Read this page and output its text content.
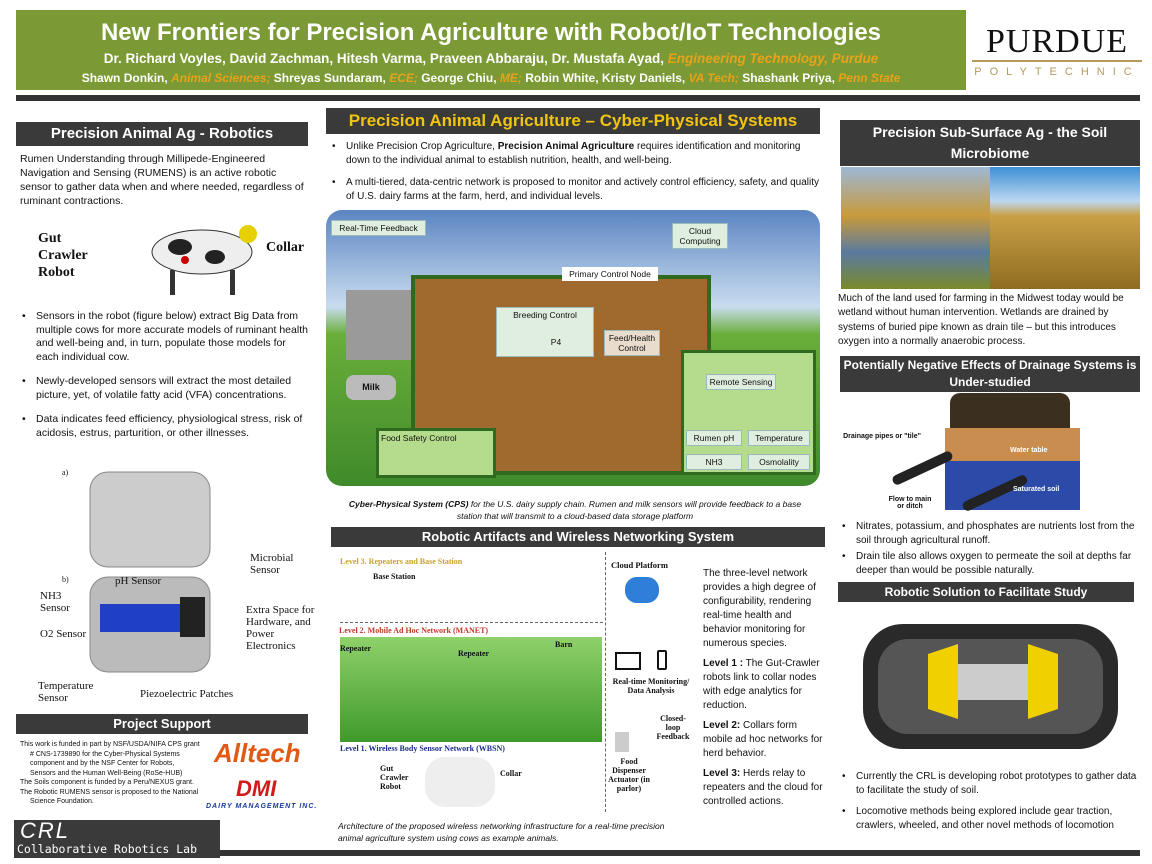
New Frontiers for Precision Agriculture with Robot/IoT Technologies
Dr. Richard Voyles, David Zachman, Hitesh Varma, Praveen Abbaraju, Dr. Mustafa Ayad, Engineering Technology, Purdue
Shawn Donkin, Animal Sciences; Shreyas Sundaram, ECE; George Chiu, ME; Robin White, Kristy Daniels, VA Tech; Shashank Priya, Penn State
PURDUE
POLYTECHNIC
Precision Animal Ag - Robotics
Rumen Understanding through Millipede-Engineered Navigation and Sensing (RUMENS) is an active robotic sensor to gather data when and where needed, regardless of ruminant contractions.
Gut Crawler Robot
Collar
• Sensors in the robot (figure below) extract Big Data from multiple cows for more accurate models of ruminant health and well-being and, in turn, populate those models for each individual cow.
• Newly-developed sensors will extract the most detailed picture, yet, of volatile fatty acid (VFA) concentrations.
• Data indicates feed efficiency, physiological stress, risk of acidosis, estrus, parturition, or other illnesses.
a)
b)
Microbial Sensor
pH Sensor
NH3 Sensor
O2 Sensor
Extra Space for Hardware, and Power Electronics
Temperature Sensor	Piezoelectric Patches
Project Support
This work is funded in part by NSF/USDA/NIFA CPS grant # CNS-1739890 for the Cyber-Physical Systems component and by the NSF Center for Robots, Sensors and the Human Well-Being (RoSe-HUB)
The Soils component is funded by a Peru/NEXUS grant.
The Robotic RUMENS sensor is proposed to the National Science Foundation.
Alltech
DMI
DAIRY MANAGEMENT INC.
CRL
Collaborative Robotics Lab
Precision Animal Agriculture – Cyber-Physical Systems
• Unlike Precision Crop Agriculture, Precision Animal Agriculture requires identification and monitoring down to the individual animal to establish nutrition, health, and well-being.
• A multi-tiered, data-centric network is proposed to monitor and actively control efficiency, safety, and quality of U.S. dairy farms at the farm, herd, and individual levels.
Milk
Real-Time Feedback	Cloud Computing
Primary Control Node
Breeding Control
P4	Feed/Health Control
Remote Sensing
Rumen pH	Temperature
NH3	Osmolality
Food Safety Control
Cyber-Physical System (CPS) for the U.S. dairy supply chain. Rumen and milk sensors will provide feedback to a base station that will transmit to a cloud-based data storage platform
Robotic Artifacts and Wireless Networking System
Level 3. Repeaters and Base Station
Base Station
Level 2. Mobile Ad Hoc Network (MANET)
Repeater
Repeater
Barn
Level 1. Wireless Body Sensor Network (WBSN)
Gut Crawler Robot
Collar
Cloud Platform
Real-time Monitoring/ Data Analysis
Closed-loop Feedback
Food Dispenser Actuator (in parlor)
Architecture of the proposed wireless networking infrastructure for a real-time precision animal agriculture system using cows as example animals.
The three-level network provides a high degree of configurability, rendering real-time health and behavior monitoring for numerous species.
Level 1 : The Gut-Crawler robots link to collar nodes with edge analytics for reduction.
Level 2: Collars form mobile ad hoc networks for herd behavior.
Level 3: Herds relay to repeaters and the cloud for controlled actions.
Precision Sub-Surface Ag - the Soil Microbiome
Much of the land used for farming in the Midwest today would be wetland without human intervention. Wetlands are drained by systems of buried pipe known as drain tile – but this introduces oxygen into a normally anaerobic process.
Potentially Negative Effects of Drainage Systems is Under-studied
Drainage pipes or "tile"
Water table
Saturated soil
Flow to main or ditch
• Nitrates, potassium, and phosphates are nutrients lost from the soil through agricultural runoff.
• Drain tile also allows oxygen to permeate the soil at depths far deeper than would be possible naturally.
Robotic Solution to Facilitate Study
• Currently the CRL is developing robot prototypes to gather data to facilitate the study of soil.
• Locomotive methods being explored include gear traction, crawlers, wheeled, and other novel methods of locomotion
